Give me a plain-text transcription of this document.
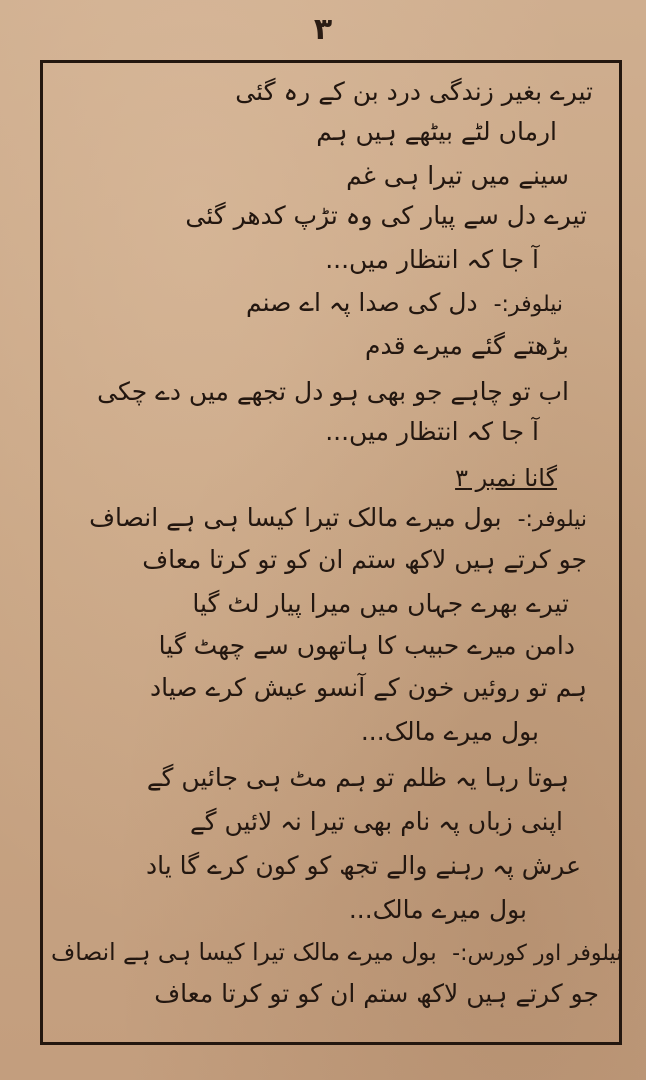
٣
تیرے بغیر زندگی درد بن کے رہ گئی
ارماں لٹے بیٹھے ہیں ہم
سینے میں تیرا ہی غم
تیرے دل سے پیار کی وہ تڑپ کدھر گئی
آ جا کہ انتظار میں...
نیلوفر:- دل کی صدا پہ اے صنم
بڑھتے گئے میرے قدم
اب تو چاہے جو بھی ہو دل تجھے میں دے چکی
آ جا کہ انتظار میں...
گانا نمبر ٣
نیلوفر:- بول میرے مالک تیرا کیسا ہی ہے انصاف
جو کرتے ہیں لاکھ ستم ان کو تو کرتا معاف
تیرے بھرے جہاں میں میرا پیار لٹ گیا
دامن میرے حبیب کا ہاتھوں سے چھٹ گیا
ہم تو روئیں خون کے آنسو عیش کرے صیاد
بول میرے مالک...
ہوتا رہا یہ ظلم تو ہم مٹ ہی جائیں گے
اپنی زباں پہ نام بھی تیرا نہ لائیں گے
عرش پہ رہنے والے تجھ کو کون کرے گا یاد
بول میرے مالک...
نیلوفر اور کورس:- بول میرے مالک تیرا کیسا ہی ہے انصاف
جو کرتے ہیں لاکھ ستم ان کو تو کرتا معاف
